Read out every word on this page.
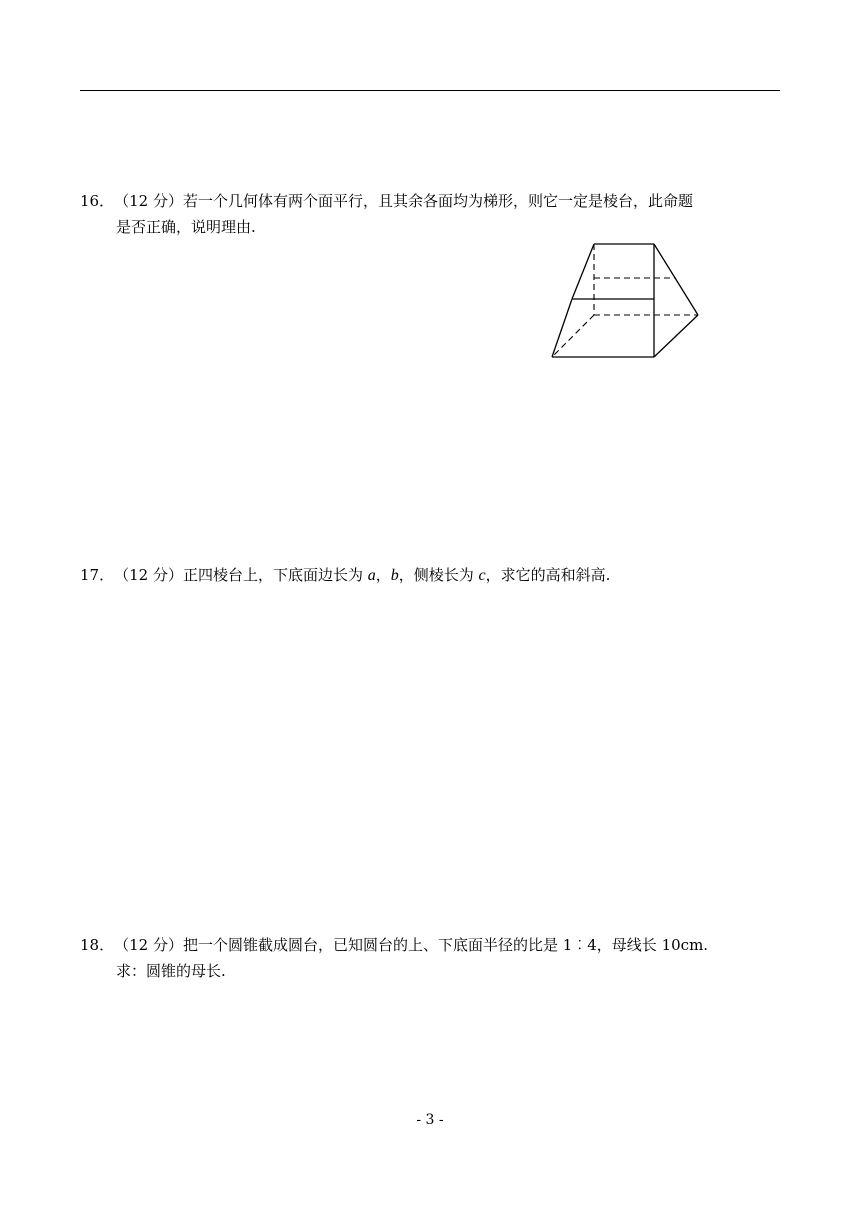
16．（12 分）若一个几何体有两个面平行，且其余各面均为梯形，则它一定是棱台，此命题
是否正确，说明理由.
17．（12 分）正四棱台上，下底面边长为 a，b，侧棱长为 c，求它的高和斜高.
18．（12 分）把一个圆锥截成圆台，已知圆台的上、下底面半径的比是 1︰4，母线长 10cm.
求：圆锥的母长.
- 3 -
